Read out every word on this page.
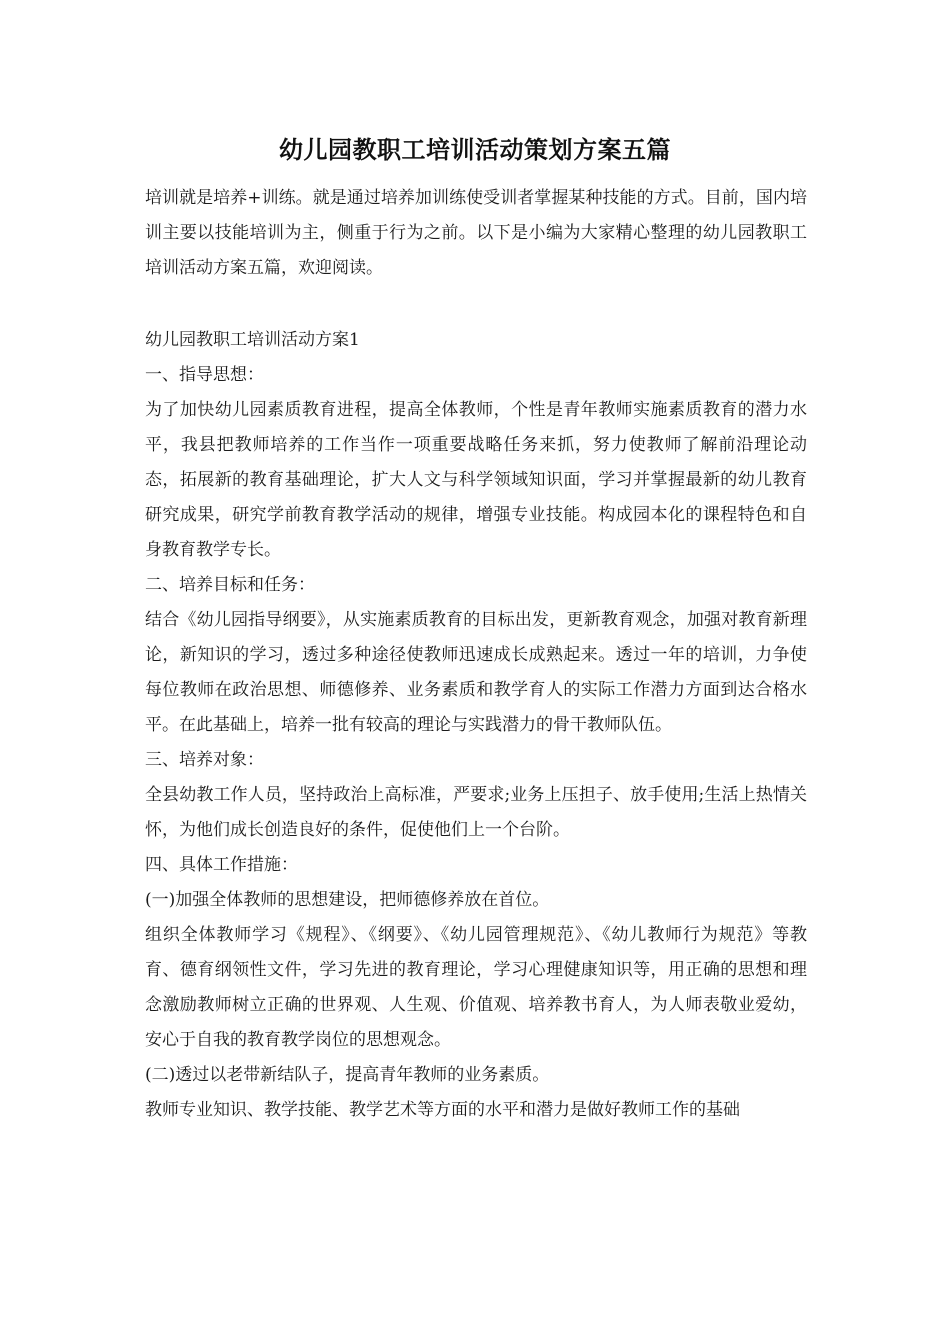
幼儿园教职工培训活动策划方案五篇

培训就是培养+训练。就是通过培养加训练使受训者掌握某种技能的方式。目前，国内培训主要以技能培训为主，侧重于行为之前。以下是小编为大家精心整理的幼儿园教职工培训活动方案五篇，欢迎阅读。

幼儿园教职工培训活动方案1

一、指导思想：

为了加快幼儿园素质教育进程，提高全体教师，个性是青年教师实施素质教育的潜力水平，我县把教师培养的工作当作一项重要战略任务来抓，努力使教师了解前沿理论动态，拓展新的教育基础理论，扩大人文与科学领域知识面，学习并掌握最新的幼儿教育研究成果，研究学前教育教学活动的规律，增强专业技能。构成园本化的课程特色和自身教育教学专长。

二、培养目标和任务：

结合《幼儿园指导纲要》，从实施素质教育的目标出发，更新教育观念，加强对教育新理论，新知识的学习，透过多种途径使教师迅速成长成熟起来。透过一年的培训，力争使每位教师在政治思想、师德修养、业务素质和教学育人的实际工作潜力方面到达合格水平。在此基础上，培养一批有较高的理论与实践潜力的骨干教师队伍。

三、培养对象：

全县幼教工作人员，坚持政治上高标准，严要求;业务上压担子、放手使用;生活上热情关怀，为他们成长创造良好的条件，促使他们上一个台阶。

四、具体工作措施：

(一)加强全体教师的思想建设，把师德修养放在首位。

组织全体教师学习《规程》、《纲要》、《幼儿园管理规范》、《幼儿教师行为规范》等教育、德育纲领性文件，学习先进的教育理论，学习心理健康知识等，用正确的思想和理念激励教师树立正确的世界观、人生观、价值观、培养教书育人，为人师表敬业爱幼，安心于自我的教育教学岗位的思想观念。

(二)透过以老带新结队子，提高青年教师的业务素质。

教师专业知识、教学技能、教学艺术等方面的水平和潜力是做好教师工作的基础
